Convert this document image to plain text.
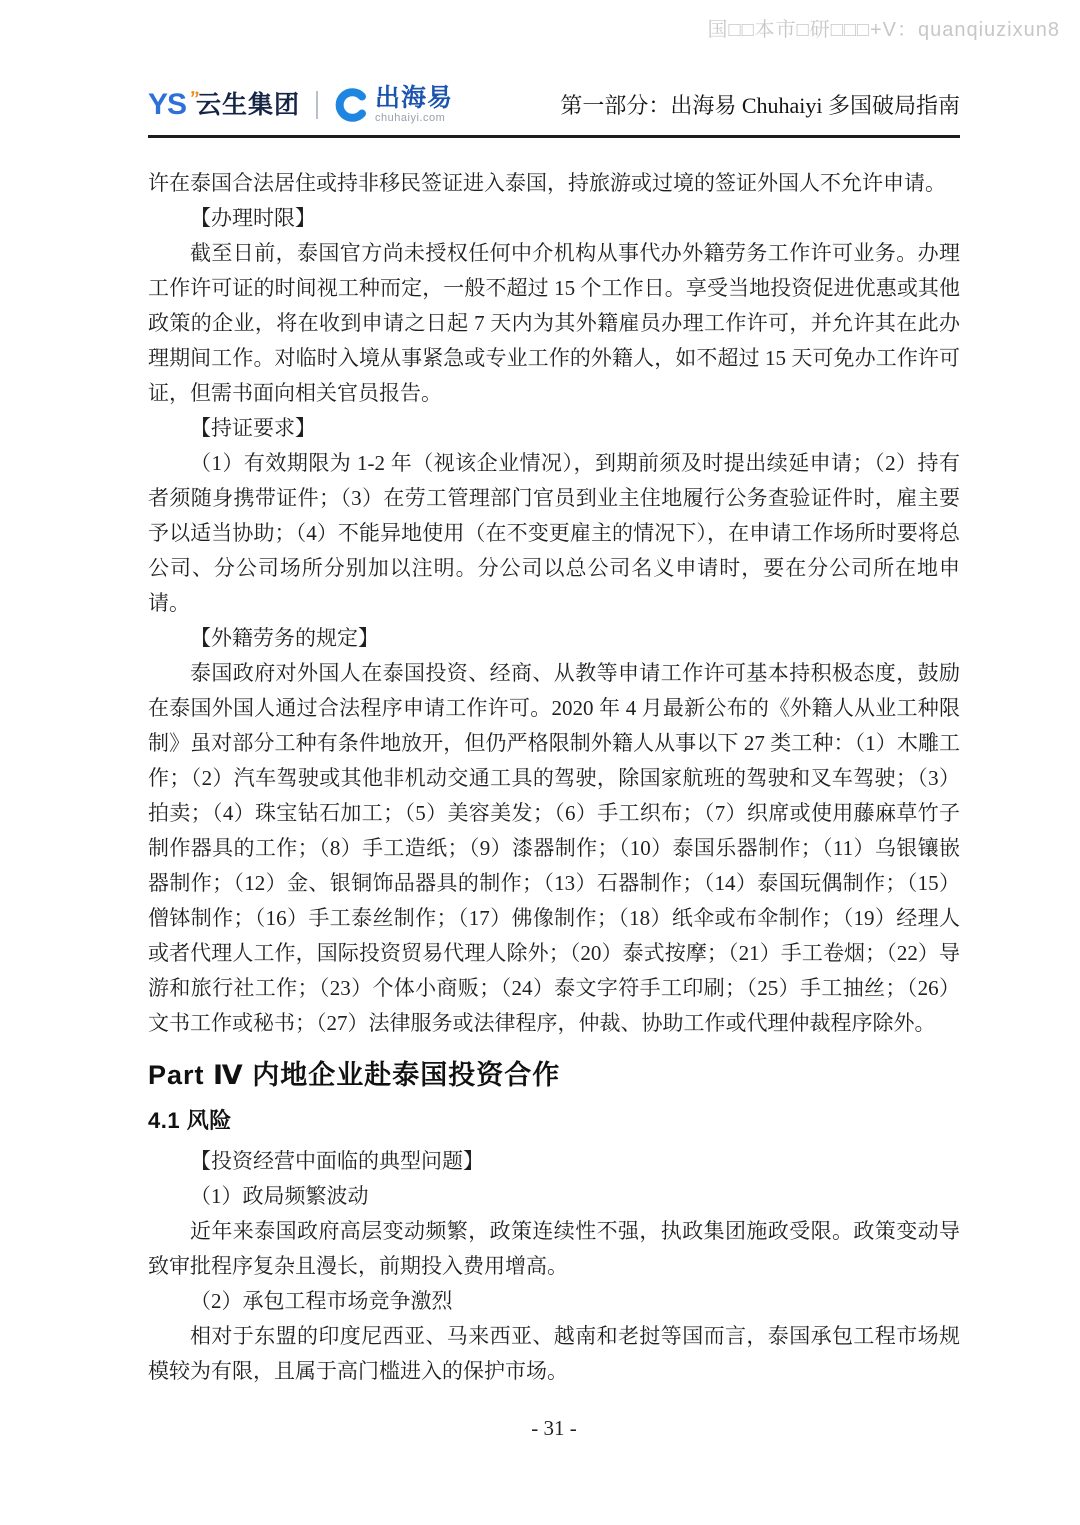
国□□本市□研□□□+V：quanqiuzixun8
YS ”
云生集团	出海易
chuhaiyi.com	第一部分：出海易 Chuhaiyi 多国破局指南
许在泰国合法居住或持非移民签证进入泰国，持旅游或过境的签证外国人不允许申请。
【办理时限】
截至日前，泰国官方尚未授权任何中介机构从事代办外籍劳务工作许可业务。办理工作许可证的时间视工种而定，一般不超过 15 个工作日。享受当地投资促进优惠或其他政策的企业，将在收到申请之日起 7 天内为其外籍雇员办理工作许可，并允许其在此办理期间工作。对临时入境从事紧急或专业工作的外籍人，如不超过 15 天可免办工作许可证，但需书面向相关官员报告。
【持证要求】
（1）有效期限为 1-2 年（视该企业情况），到期前须及时提出续延申请；（2）持有者须随身携带证件；（3）在劳工管理部门官员到业主住地履行公务查验证件时，雇主要予以适当协助；（4）不能异地使用（在不变更雇主的情况下），在申请工作场所时要将总公司、分公司场所分别加以注明。分公司以总公司名义申请时，要在分公司所在地申请。
【外籍劳务的规定】
泰国政府对外国人在泰国投资、经商、从教等申请工作许可基本持积极态度，鼓励在泰国外国人通过合法程序申请工作许可。2020 年 4 月最新公布的《外籍人从业工种限制》虽对部分工种有条件地放开，但仍严格限制外籍人从事以下 27 类工种：（1）木雕工作；（2）汽车驾驶或其他非机动交通工具的驾驶，除国家航班的驾驶和叉车驾驶；（3）拍卖；（4）珠宝钻石加工；（5）美容美发；（6）手工织布；（7）织席或使用藤麻草竹子制作器具的工作；（8）手工造纸；（9）漆器制作；（10）泰国乐器制作；（11）乌银镶嵌器制作；（12）金、银铜饰品器具的制作；（13）石器制作；（14）泰国玩偶制作；（15）僧钵制作；（16）手工泰丝制作；（17）佛像制作；（18）纸伞或布伞制作；（19）经理人或者代理人工作，国际投资贸易代理人除外；（20）泰式按摩；（21）手工卷烟；（22）导游和旅行社工作；（23）个体小商贩；（24）泰文字符手工印刷；（25）手工抽丝；（26）文书工作或秘书；（27）法律服务或法律程序，仲裁、协助工作或代理仲裁程序除外。
Part Ⅳ 内地企业赴泰国投资合作
4.1 风险
【投资经营中面临的典型问题】
（1）政局频繁波动
近年来泰国政府高层变动频繁，政策连续性不强，执政集团施政受限。政策变动导致审批程序复杂且漫长，前期投入费用增高。
（2）承包工程市场竞争激烈
相对于东盟的印度尼西亚、马来西亚、越南和老挝等国而言，泰国承包工程市场规模较为有限，且属于高门槛进入的保护市场。
- 31 -
